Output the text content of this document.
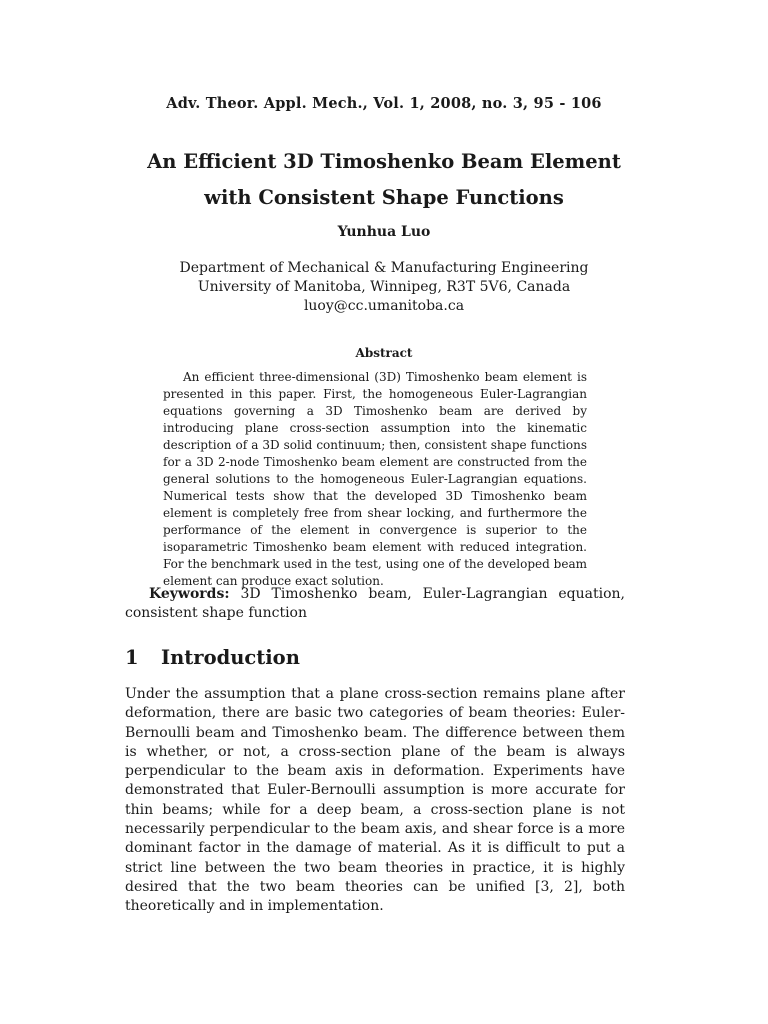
Adv. Theor. Appl. Mech., Vol. 1, 2008, no. 3, 95 - 106
An Efficient 3D Timoshenko Beam Element
with Consistent Shape Functions
Yunhua Luo
Department of Mechanical & Manufacturing Engineering
University of Manitoba, Winnipeg, R3T 5V6, Canada
luoy@cc.umanitoba.ca
Abstract

An efficient three-dimensional (3D) Timoshenko beam element is presented in this paper. First, the homogeneous Euler-Lagrangian equations governing a 3D Timoshenko beam are derived by introducing plane cross-section assumption into the kinematic description of a 3D solid continuum; then, consistent shape functions for a 3D 2-node Timoshenko beam element are constructed from the general solutions to the homogeneous Euler-Lagrangian equations. Numerical tests show that the developed 3D Timoshenko beam element is completely free from shear locking, and furthermore the performance of the element in convergence is superior to the isoparametric Timoshenko beam element with reduced integration. For the benchmark used in the test, using one of the developed beam element can produce exact solution.

Keywords: 3D Timoshenko beam, Euler-Lagrangian equation, consistent shape function
1 Introduction

Under the assumption that a plane cross-section remains plane after deformation, there are basic two categories of beam theories: Euler-Bernoulli beam and Timoshenko beam. The difference between them is whether, or not, a cross-section plane of the beam is always perpendicular to the beam axis in deformation. Experiments have demonstrated that Euler-Bernoulli assumption is more accurate for thin beams; while for a deep beam, a cross-section plane is not necessarily perpendicular to the beam axis, and shear force is a more dominant factor in the damage of material. As it is difficult to put a strict line between the two beam theories in practice, it is highly desired that the two beam theories can be unified [3, 2], both theoretically and in implementation.
